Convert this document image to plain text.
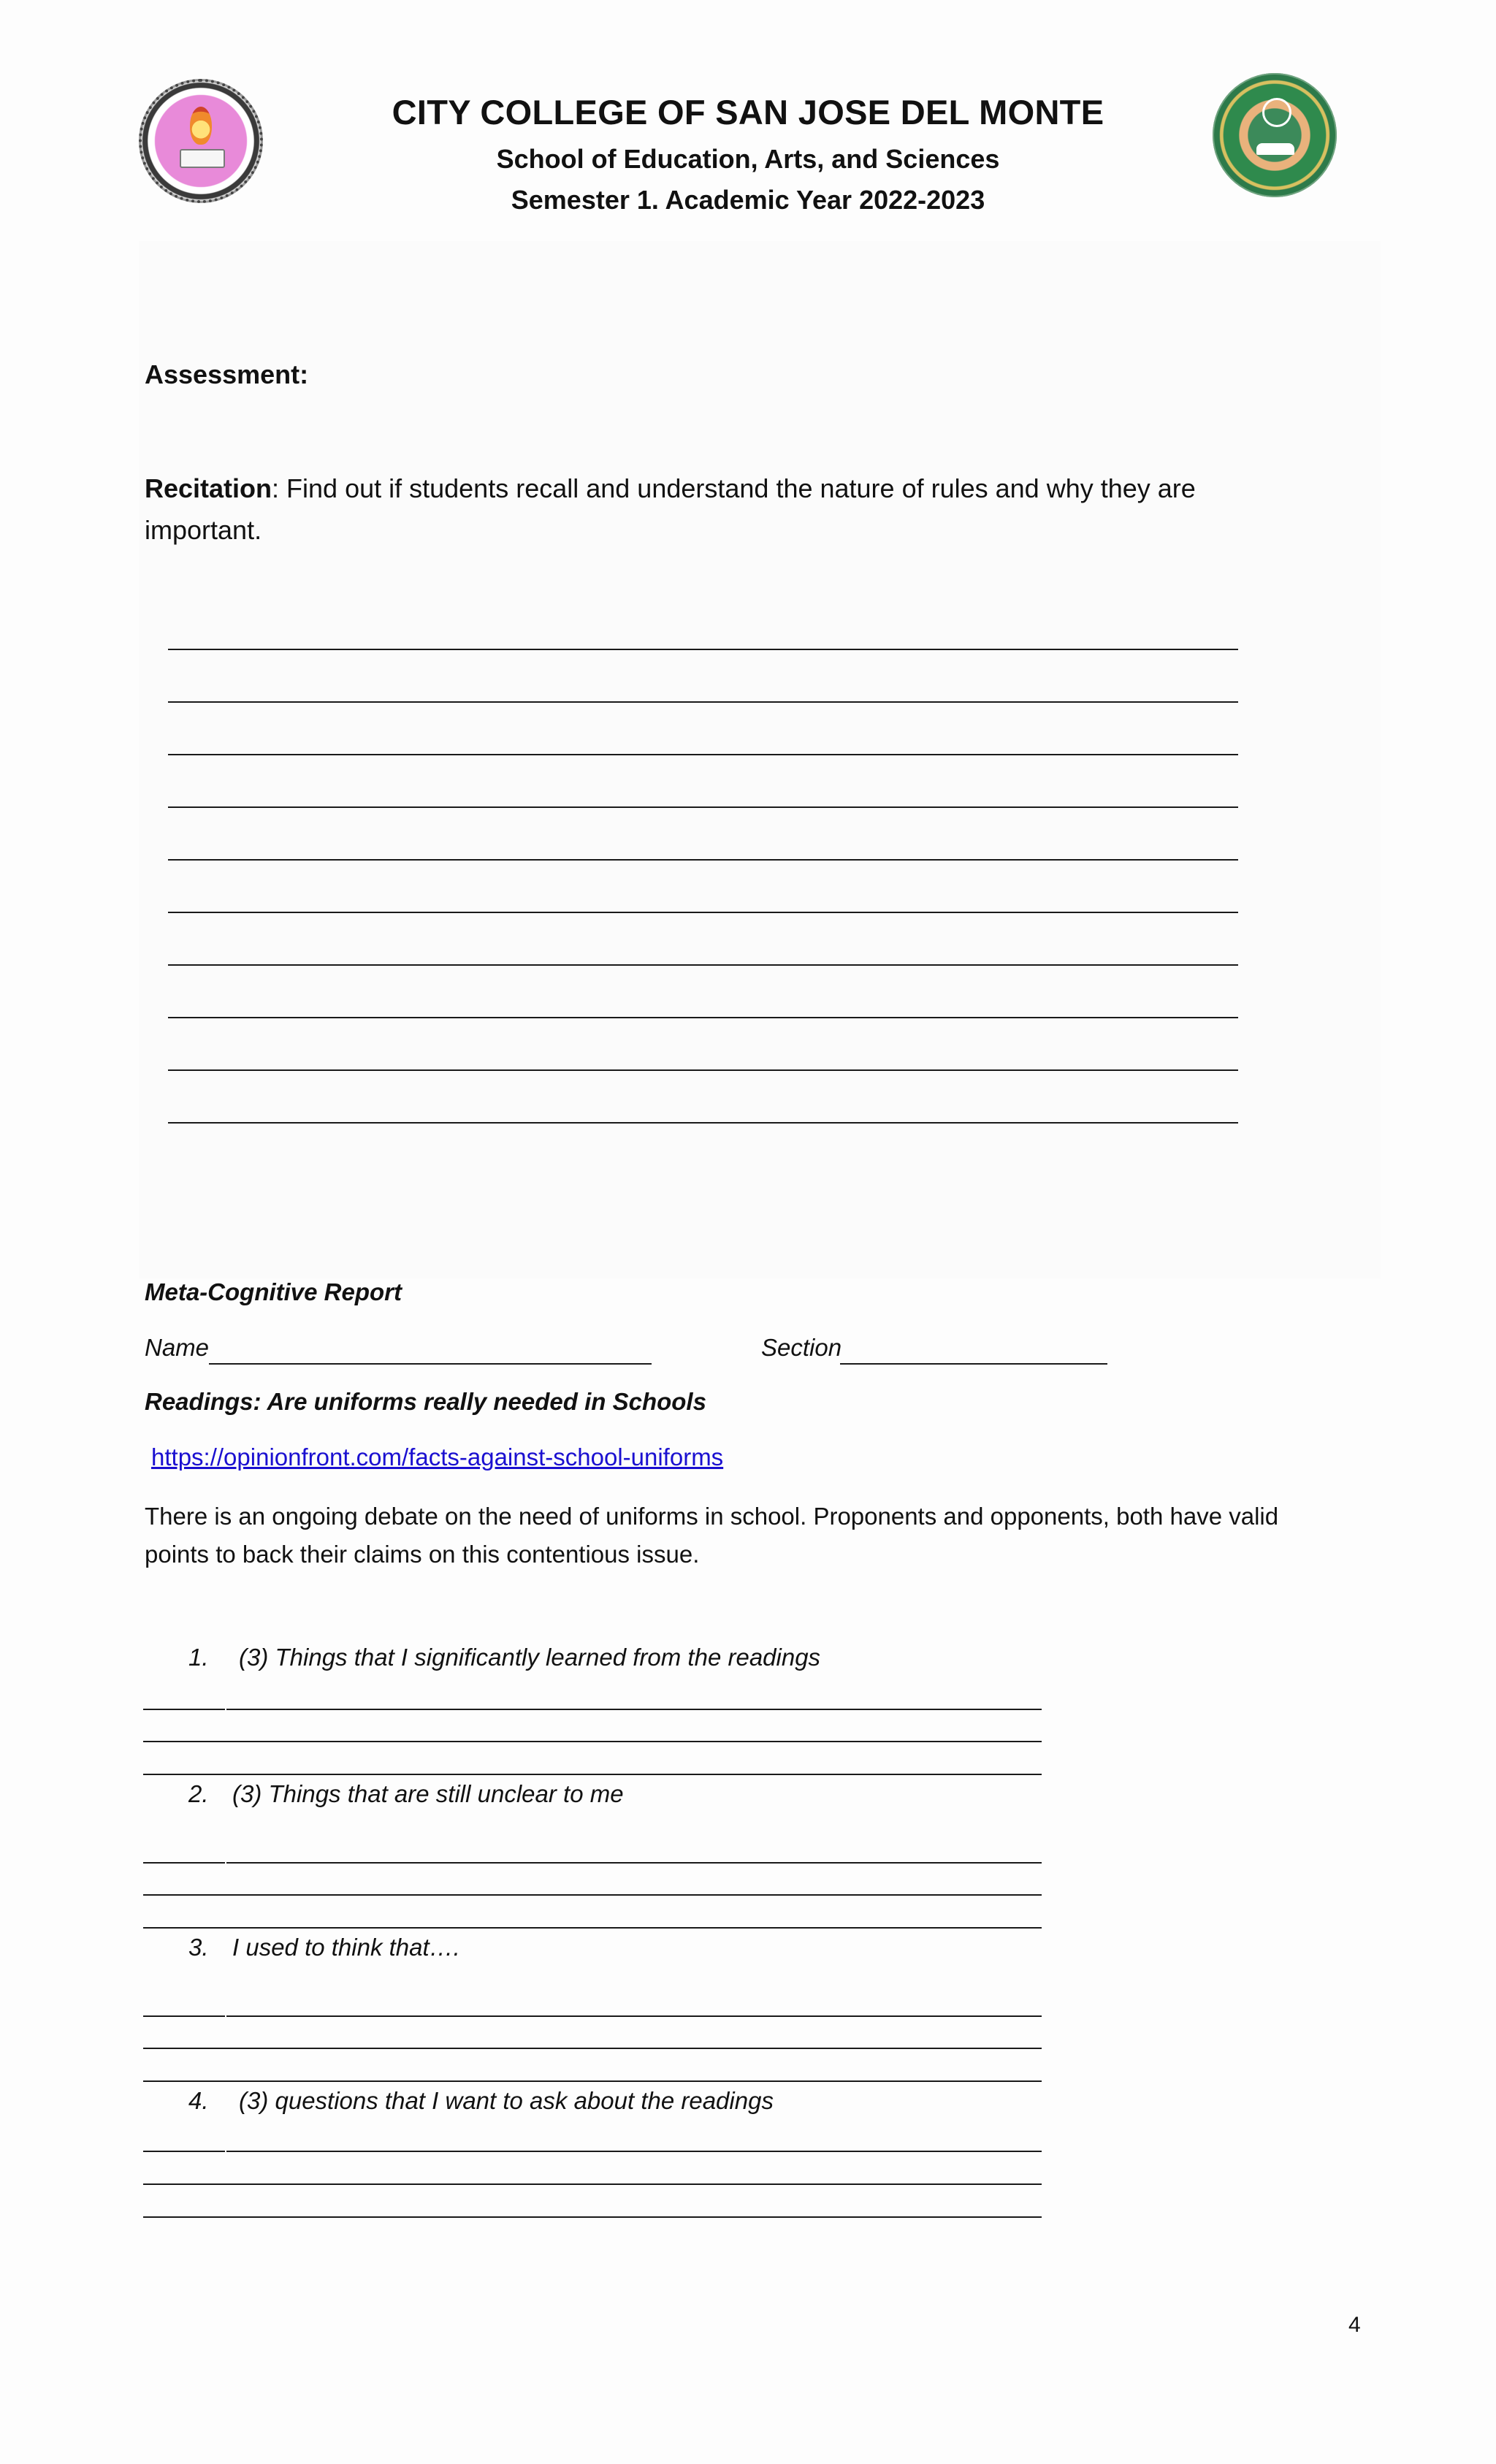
CITY COLLEGE OF SAN JOSE DEL MONTE

School of Education, Arts, and Sciences

Semester 1. Academic Year 2022-2023

Assessment:

Recitation: Find out if students recall and understand the nature of rules and why they are important.

Meta-Cognitive Report

Name	Section

Readings: Are uniforms really needed in Schools

https://opinionfront.com/facts-against-school-uniforms

There is an ongoing debate on the need of uniforms in school. Proponents and opponents, both have valid points to back their claims on this contentious issue.

1. (3) Things that I significantly learned from the readings

2. (3) Things that are still unclear to me

3. I used to think that….

4. (3) questions that I want to ask about the readings

4
